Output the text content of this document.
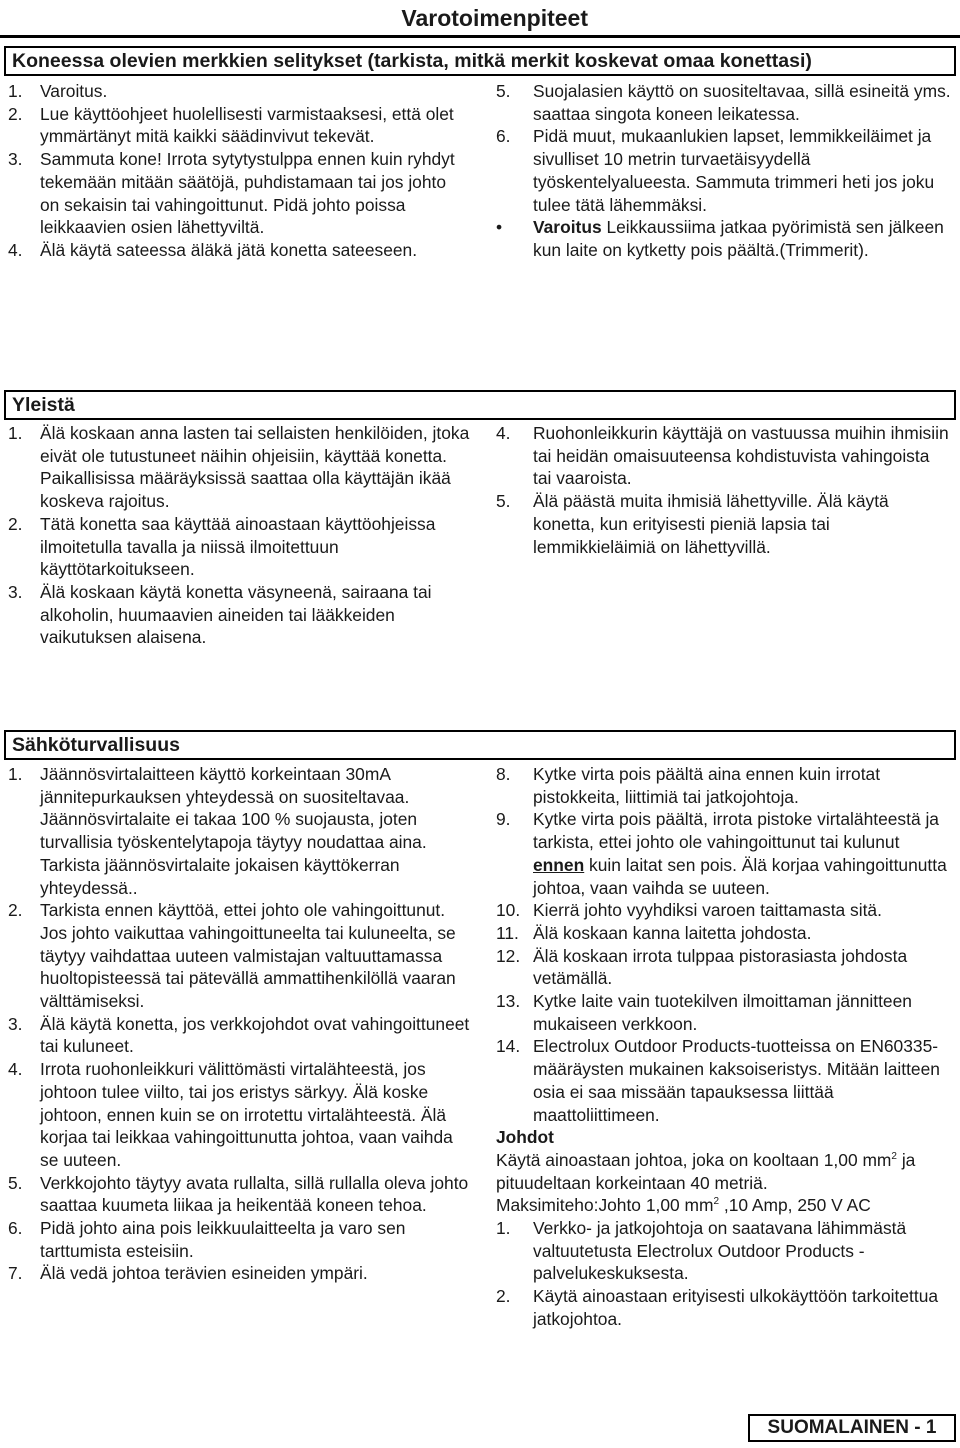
Varotoimenpiteet
Koneessa olevien merkkien selitykset (tarkista, mitkä merkit koskevat omaa konettasi)
1.	Varoitus.
2.	Lue käyttöohjeet huolellisesti varmistaaksesi, että olet ymmärtänyt mitä kaikki säädinvivut tekevät.
3.	Sammuta kone! Irrota sytytystulppa ennen kuin ryhdyt tekemään mitään säätöjä, puhdistamaan tai jos johto on sekaisin tai vahingoittunut. Pidä johto poissa leikkaavien osien lähettyviltä.
4.	Älä käytä sateessa äläkä jätä konetta sateeseen.
5.	Suojalasien käyttö on suositeltavaa, sillä esineitä yms. saattaa singota koneen leikatessa.
6.	Pidä muut, mukaanlukien lapset, lemmikkeiläimet ja sivulliset 10 metrin turvaetäisyydellä työskentelyalueesta. Sammuta trimmeri heti jos joku tulee tätä lähemmäksi.
•	Varoitus Leikkaussiima jatkaa pyörimistä sen jälkeen kun laite on kytketty pois päältä.(Trimmerit).
Yleistä
1.	Älä koskaan anna lasten tai sellaisten henkilöiden, jtoka eivät ole tutustuneet näihin ohjeisiin, käyttää konetta. Paikallisissa määräyksissä saattaa olla käyttäjän ikää koskeva rajoitus.
2.	Tätä konetta saa käyttää ainoastaan käyttöohjeissa ilmoitetulla tavalla ja niissä ilmoitettuun käyttötarkoitukseen.
3.	Älä koskaan käytä konetta väsyneenä, sairaana tai alkoholin, huumaavien aineiden tai lääkkeiden vaikutuksen alaisena.
4.	Ruohonleikkurin käyttäjä on vastuussa muihin ihmisiin tai heidän omaisuuteensa kohdistuvista vahingoista tai vaaroista.
5.	Älä päästä muita ihmisiä lähettyville. Älä käytä konetta, kun erityisesti pieniä lapsia tai lemmikkieläimiä on lähettyvillä.
Sähköturvallisuus
1.	Jäännösvirtalaitteen käyttö korkeintaan 30mA jännitepurkauksen yhteydessä on suositeltavaa. Jäännösvirtalaite ei takaa 100 % suojausta, joten turvallisia työskentelytapoja täytyy noudattaa aina. Tarkista jäännösvirtalaite jokaisen käyttökerran yhteydessä..
2.	Tarkista ennen käyttöä, ettei johto ole vahingoittunut. Jos johto vaikuttaa vahingoittuneelta tai kuluneelta, se täytyy vaihdattaa uuteen valmistajan valtuuttamassa huoltopisteessä tai pätevällä ammattihenkilöllä vaaran välttämiseksi.
3.	Älä käytä konetta, jos verkkojohdot ovat vahingoittuneet tai kuluneet.
4.	Irrota ruohonleikkuri välittömästi virtalähteestä, jos johtoon tulee viilto, tai jos eristys särkyy. Älä koske johtoon, ennen kuin se on irrotettu virtalähteestä. Älä korjaa tai leikkaa vahingoittunutta johtoa, vaan vaihda se uuteen.
5.	Verkkojohto täytyy avata rullalta, sillä rullalla oleva johto saattaa kuumeta liikaa ja heikentää koneen tehoa.
6.	Pidä johto aina pois leikkuulaitteelta ja varo sen tarttumista esteisiin.
7.	Älä vedä johtoa terävien esineiden ympäri.
8.	Kytke virta pois päältä aina ennen kuin irrotat pistokkeita, liittimiä tai jatkojohtoja.
9.	Kytke virta pois päältä, irrota pistoke virtalähteestä ja tarkista, ettei johto ole vahingoittunut tai kulunut ennen kuin laitat sen pois. Älä korjaa vahingoittunutta johtoa, vaan vaihda se uuteen.
10. Kierrä johto vyyhdiksi varoen taittamasta sitä.
11. Älä koskaan kanna laitetta johdosta.
12. Älä koskaan irrota tulppaa pistorasiasta johdosta vetämällä.
13. Kytke laite vain tuotekilven ilmoittaman jännitteen mukaiseen verkkoon.
14. Electrolux Outdoor Products-tuotteissa on EN60335-määräysten mukainen kaksoiseristys. Mitään laitteen osia ei saa missään tapauksessa liittää maattoliittimeen.
Johdot
Käytä ainoastaan johtoa, joka on kooltaan 1,00 $mm^2$ ja pituudeltaan korkeintaan 40 metriä.
Maksimiteho:Johto 1,00 $mm^2$ ,10 Amp, 250 V AC
1.	Verkko- ja jatkojohtoja on saatavana lähimmästä valtuutetusta Electrolux Outdoor Products -palvelukeskuksesta.
2.	Käytä ainoastaan erityisesti ulkokäyttöön tarkoitettua jatkojohtoa.
SUOMALAINEN - 1
